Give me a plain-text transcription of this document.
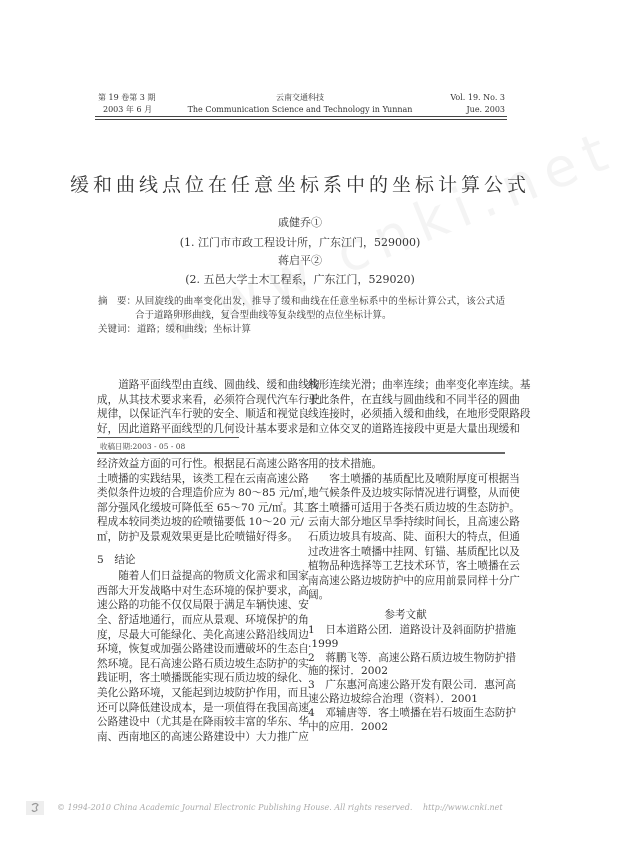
第 19 卷第 3 期
2003 年 6 月
云南交通科技
The Communication Science and Technology in Yunnan
Vol. 19. No. 3
Jue. 2003
缓和曲线点位在任意坐标系中的坐标计算公式
戚健乔①
(1. 江门市市政工程设计所，广东江门，529000)
蒋启平②
(2. 五邑大学土木工程系，广东江门，529020)
摘　要：
从回旋线的曲率变化出发，推导了缓和曲线在任意坐标系中的坐标计算公式，该公式适
合于道路卵形曲线，复合型曲线等复杂线型的点位坐标计算。
关键词： 道路；缓和曲线；坐标计算
道路平面线型由直线、圆曲线、缓和曲线构
成，从其技术要求来看，必须符合现代汽车行驶
规律，以保证汽车行驶的安全、顺适和视觉良
好，因此道路平面线型的几何设计基本要求是：
线形连续光滑；曲率连续；曲率变化率连续。基
于此条件，在直线与圆曲线和不同半径的圆曲
线连接时，必须插入缓和曲线，在地形受限路段
和立体交叉的道路连接段中更是大量出现缓和
收稿日期:2003 - 05 - 08
经济效益方面的可行性。根据昆石高速公路客
土喷播的实践结果，该类工程在云南高速公路
类似条件边坡的合理造价应为 80～85 元/㎡，
部分强风化缓坡可降低至 65～70 元/㎡。其工
程成本较同类边坡的砼喷锚要低 10～20 元/
㎡，防护及景观效果更是比砼喷锚好得多。
5　结论
随着人们日益提高的物质文化需求和国家
西部大开发战略中对生态环境的保护要求，高
速公路的功能不仅仅局限于满足车辆快速、安
全、舒适地通行，而应从景观、环境保护的角
度，尽最大可能绿化、美化高速公路沿线周边
环境，恢复或加强公路建设而遭破坏的生态自
然环境。昆石高速公路石质边坡生态防护的实
践证明，客土喷播既能实现石质边坡的绿化、
美化公路环境，又能起到边坡防护作用，而且
还可以降低建设成本，是一项值得在我国高速
公路建设中（尤其是在降雨较丰富的华东、华
南、西南地区的高速公路建设中）大力推广应
用的技术措施。
客土喷播的基质配比及喷附厚度可根据当
地气候条件及边坡实际情况进行调整，从而使
客土喷播可适用于各类石质边坡的生态防护。
云南大部分地区旱季持续时间长，且高速公路
石质边坡具有坡高、陡、面积大的特点，但通
过改进客土喷播中挂网、钉锚、基质配比以及
植物品种选择等工艺技术环节，客土喷播在云
南高速公路边坡防护中的应用前景同样十分广
阔。
参考文献
1　日本道路公团．道路设计及斜面防护措施
.1999
2　蒋鹏飞等．高速公路石质边坡生物防护措
施的探讨．2002
3　广东惠河高速公路开发有限公司．惠河高
速公路边坡综合治理（资料）．2001
4　邓辅唐等．客土喷播在岩石坡面生态防护
中的应用．2002
© 1994-2010 China Academic Journal Electronic Publishing House. All rights reserved.　 http://www.cnki.net
